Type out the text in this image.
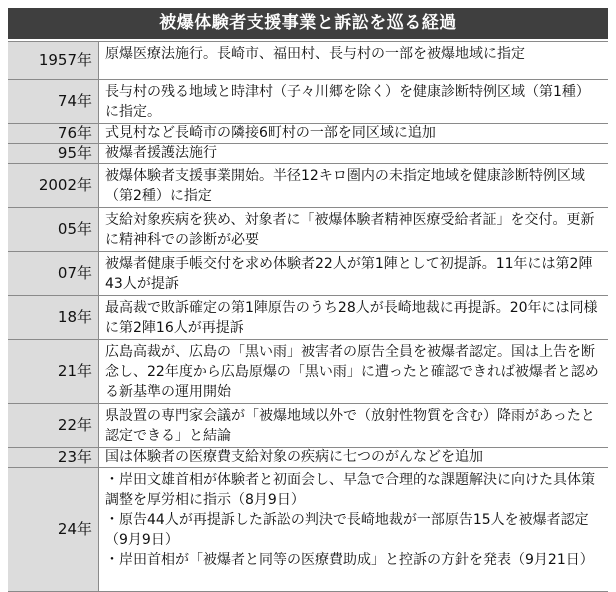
被爆体験者支援事業と訴訟を巡る経過
1957年 原爆医療法施行。長崎市、福田村、長与村の一部を被爆地域に指定
74年 長与村の残る地域と時津村（子々川郷を除く）を健康診断特例区域（第1種）に指定。
76年 式見村など長崎市の隣接6町村の一部を同区域に追加
95年 被爆者援護法施行
2002年 被爆体験者支援事業開始。半径12キロ圏内の未指定地域を健康診断特例区域（第2種）に指定
05年 支給対象疾病を狭め、対象者に「被爆体験者精神医療受給者証」を交付。更新に精神科での診断が必要
07年 被爆者健康手帳交付を求め体験者22人が第1陣として初提訴。11年には第2陣43人が提訴
18年 最高裁で敗訴確定の第1陣原告のうち28人が長崎地裁に再提訴。20年には同様に第2陣16人が再提訴
21年
広島高裁が、広島の「黒い雨」被害者の原告全員を被爆者認定。国は上告を断念し、22年度から広島原爆の「黒い雨」に遭ったと確認できれば被爆者と認める新基準の運用開始
22年 県設置の専門家会議が「被爆地域以外で（放射性物質を含む）降雨があったと認定できる」と結論
23年 国は体験者の医療費支給対象の疾病に七つのがんなどを追加
24年
・岸田文雄首相が体験者と初面会し、早急で合理的な課題解決に向けた具体策調整を厚労相に指示（8月9日）
・原告44人が再提訴した訴訟の判決で長崎地裁が一部原告15人を被爆者認定（9月9日）
・岸田首相が「被爆者と同等の医療費助成」と控訴の方針を発表（9月21日）
